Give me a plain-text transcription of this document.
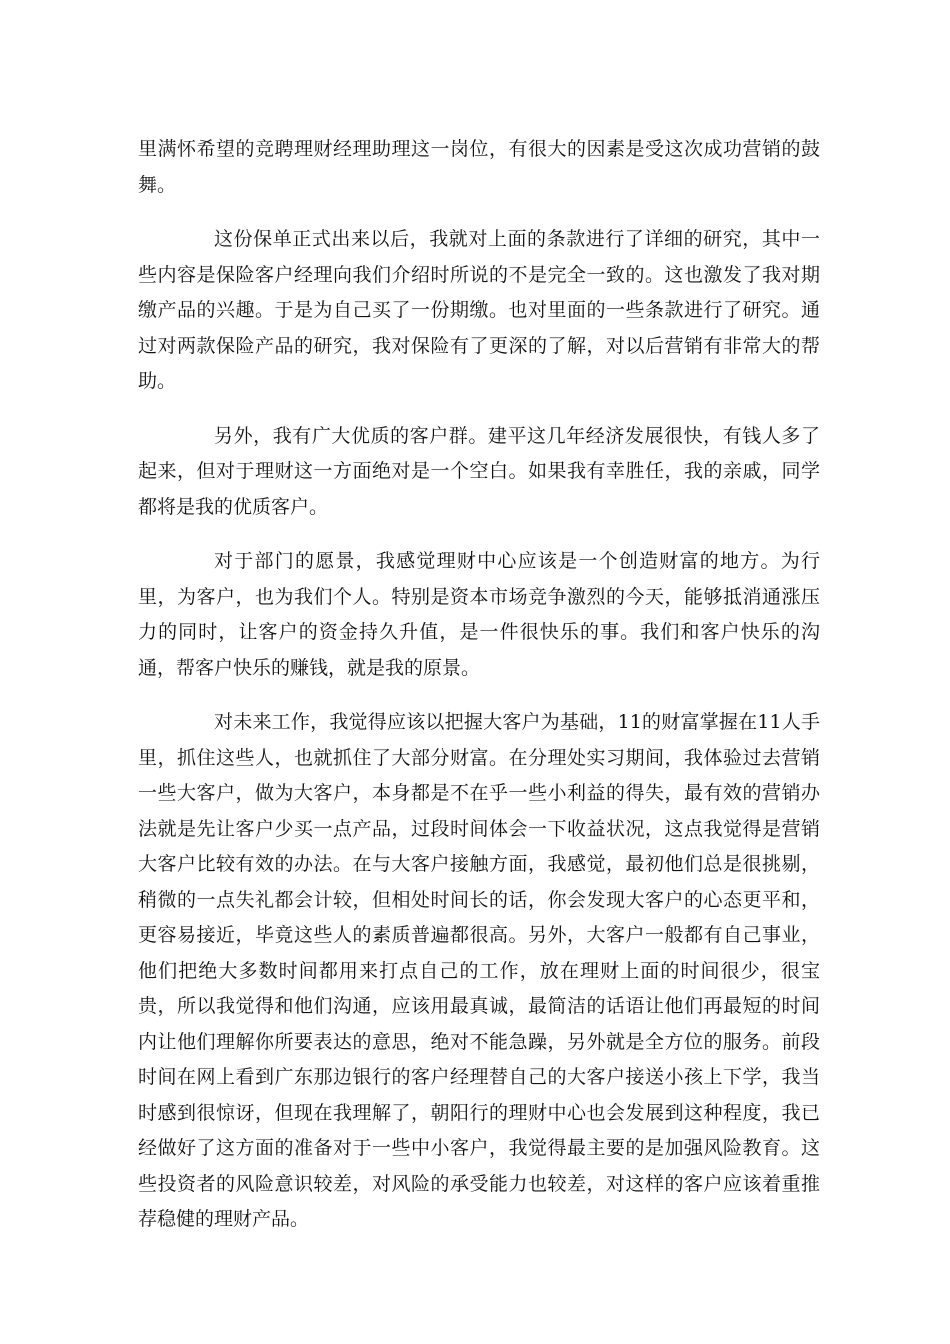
里满怀希望的竞聘理财经理助理这一岗位，有很大的因素是受这次成功营销的鼓舞。

这份保单正式出来以后，我就对上面的条款进行了详细的研究，其中一些内容是保险客户经理向我们介绍时所说的不是完全一致的。这也激发了我对期缴产品的兴趣。于是为自己买了一份期缴。也对里面的一些条款进行了研究。通过对两款保险产品的研究，我对保险有了更深的了解，对以后营销有非常大的帮助。

另外，我有广大优质的客户群。建平这几年经济发展很快，有钱人多了起来，但对于理财这一方面绝对是一个空白。如果我有幸胜任，我的亲戚，同学都将是我的优质客户。

对于部门的愿景，我感觉理财中心应该是一个创造财富的地方。为行里，为客户，也为我们个人。特别是资本市场竞争激烈的今天，能够抵消通涨压力的同时，让客户的资金持久升值，是一件很快乐的事。我们和客户快乐的沟通，帮客户快乐的赚钱，就是我的原景。

对未来工作，我觉得应该以把握大客户为基础，11的财富掌握在11人手里，抓住这些人，也就抓住了大部分财富。在分理处实习期间，我体验过去营销一些大客户，做为大客户，本身都是不在乎一些小利益的得失，最有效的营销办法就是先让客户少买一点产品，过段时间体会一下收益状况，这点我觉得是营销大客户比较有效的办法。在与大客户接触方面，我感觉，最初他们总是很挑剔，稍微的一点失礼都会计较，但相处时间长的话，你会发现大客户的心态更平和，更容易接近，毕竟这些人的素质普遍都很高。另外，大客户一般都有自己事业，他们把绝大多数时间都用来打点自己的工作，放在理财上面的时间很少，很宝贵，所以我觉得和他们沟通，应该用最真诚，最简洁的话语让他们再最短的时间内让他们理解你所要表达的意思，绝对不能急躁，另外就是全方位的服务。前段时间在网上看到广东那边银行的客户经理替自己的大客户接送小孩上下学，我当时感到很惊讶，但现在我理解了，朝阳行的理财中心也会发展到这种程度，我已经做好了这方面的准备对于一些中小客户，我觉得最主要的是加强风险教育。这些投资者的风险意识较差，对风险的承受能力也较差，对这样的客户应该着重推荐稳健的理财产品。
